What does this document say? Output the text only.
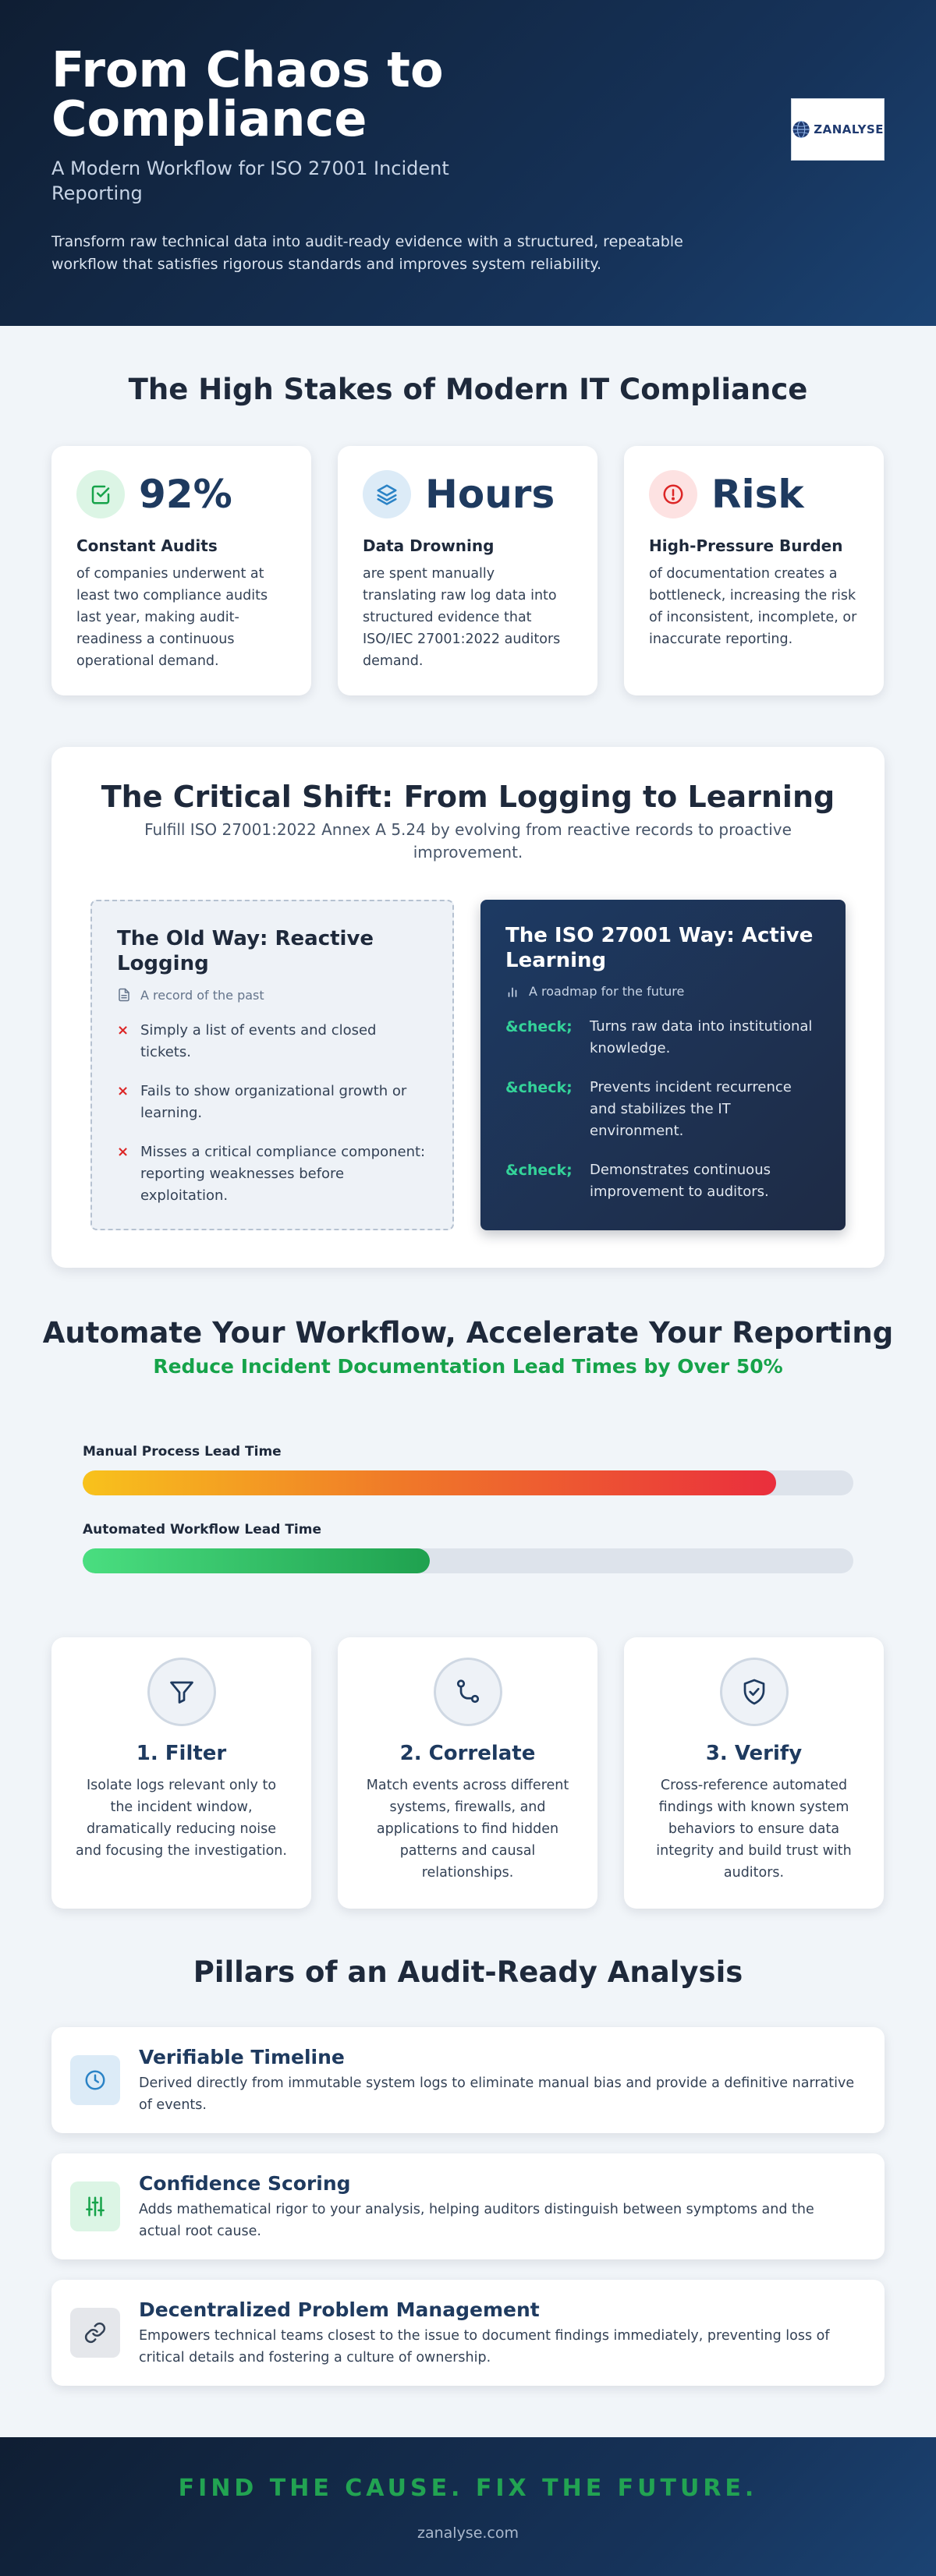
From Chaos to Compliance
A Modern Workflow for ISO 27001 Incident Reporting
Transform raw technical data into audit-ready evidence with a structured, repeatable workflow that satisfies rigorous standards and improves system reliability.
ZANALYSE
The High Stakes of Modern IT Compliance
92%
Constant Audits
of companies underwent at least two compliance audits last year, making audit-readiness a continuous operational demand.
Hours
Data Drowning
are spent manually translating raw log data into structured evidence that ISO/IEC 27001:2022 auditors demand.
Risk
High-Pressure Burden
of documentation creates a bottleneck, increasing the risk of inconsistent, incomplete, or inaccurate reporting.
The Critical Shift: From Logging to Learning
Fulfill ISO 27001:2022 Annex A 5.24 by evolving from reactive records to proactive improvement.
The Old Way: Reactive Logging
A record of the past
× Simply a list of events and closed tickets.
× Fails to show organizational growth or learning.
× Misses a critical compliance component: reporting weaknesses before exploitation.
The ISO 27001 Way: Active Learning
A roadmap for the future
&check;	Turns raw data into institutional knowledge.
&check;	Prevents incident recurrence and stabilizes the IT environment.
&check;	Demonstrates continuous improvement to auditors.
Automate Your Workflow, Accelerate Your Reporting
Reduce Incident Documentation Lead Times by Over 50%
Manual Process Lead Time
Automated Workflow Lead Time
1. Filter
Isolate logs relevant only to the incident window, dramatically reducing noise and focusing the investigation.
2. Correlate
Match events across different systems, firewalls, and applications to find hidden patterns and causal relationships.
3. Verify
Cross-reference automated findings with known system behaviors to ensure data integrity and build trust with auditors.
Pillars of an Audit-Ready Analysis
Verifiable Timeline
Derived directly from immutable system logs to eliminate manual bias and provide a definitive narrative of events.
Confidence Scoring
Adds mathematical rigor to your analysis, helping auditors distinguish between symptoms and the actual root cause.
Decentralized Problem Management
Empowers technical teams closest to the issue to document findings immediately, preventing loss of critical details and fostering a culture of ownership.
FIND THE CAUSE. FIX THE FUTURE.
zanalyse.com
